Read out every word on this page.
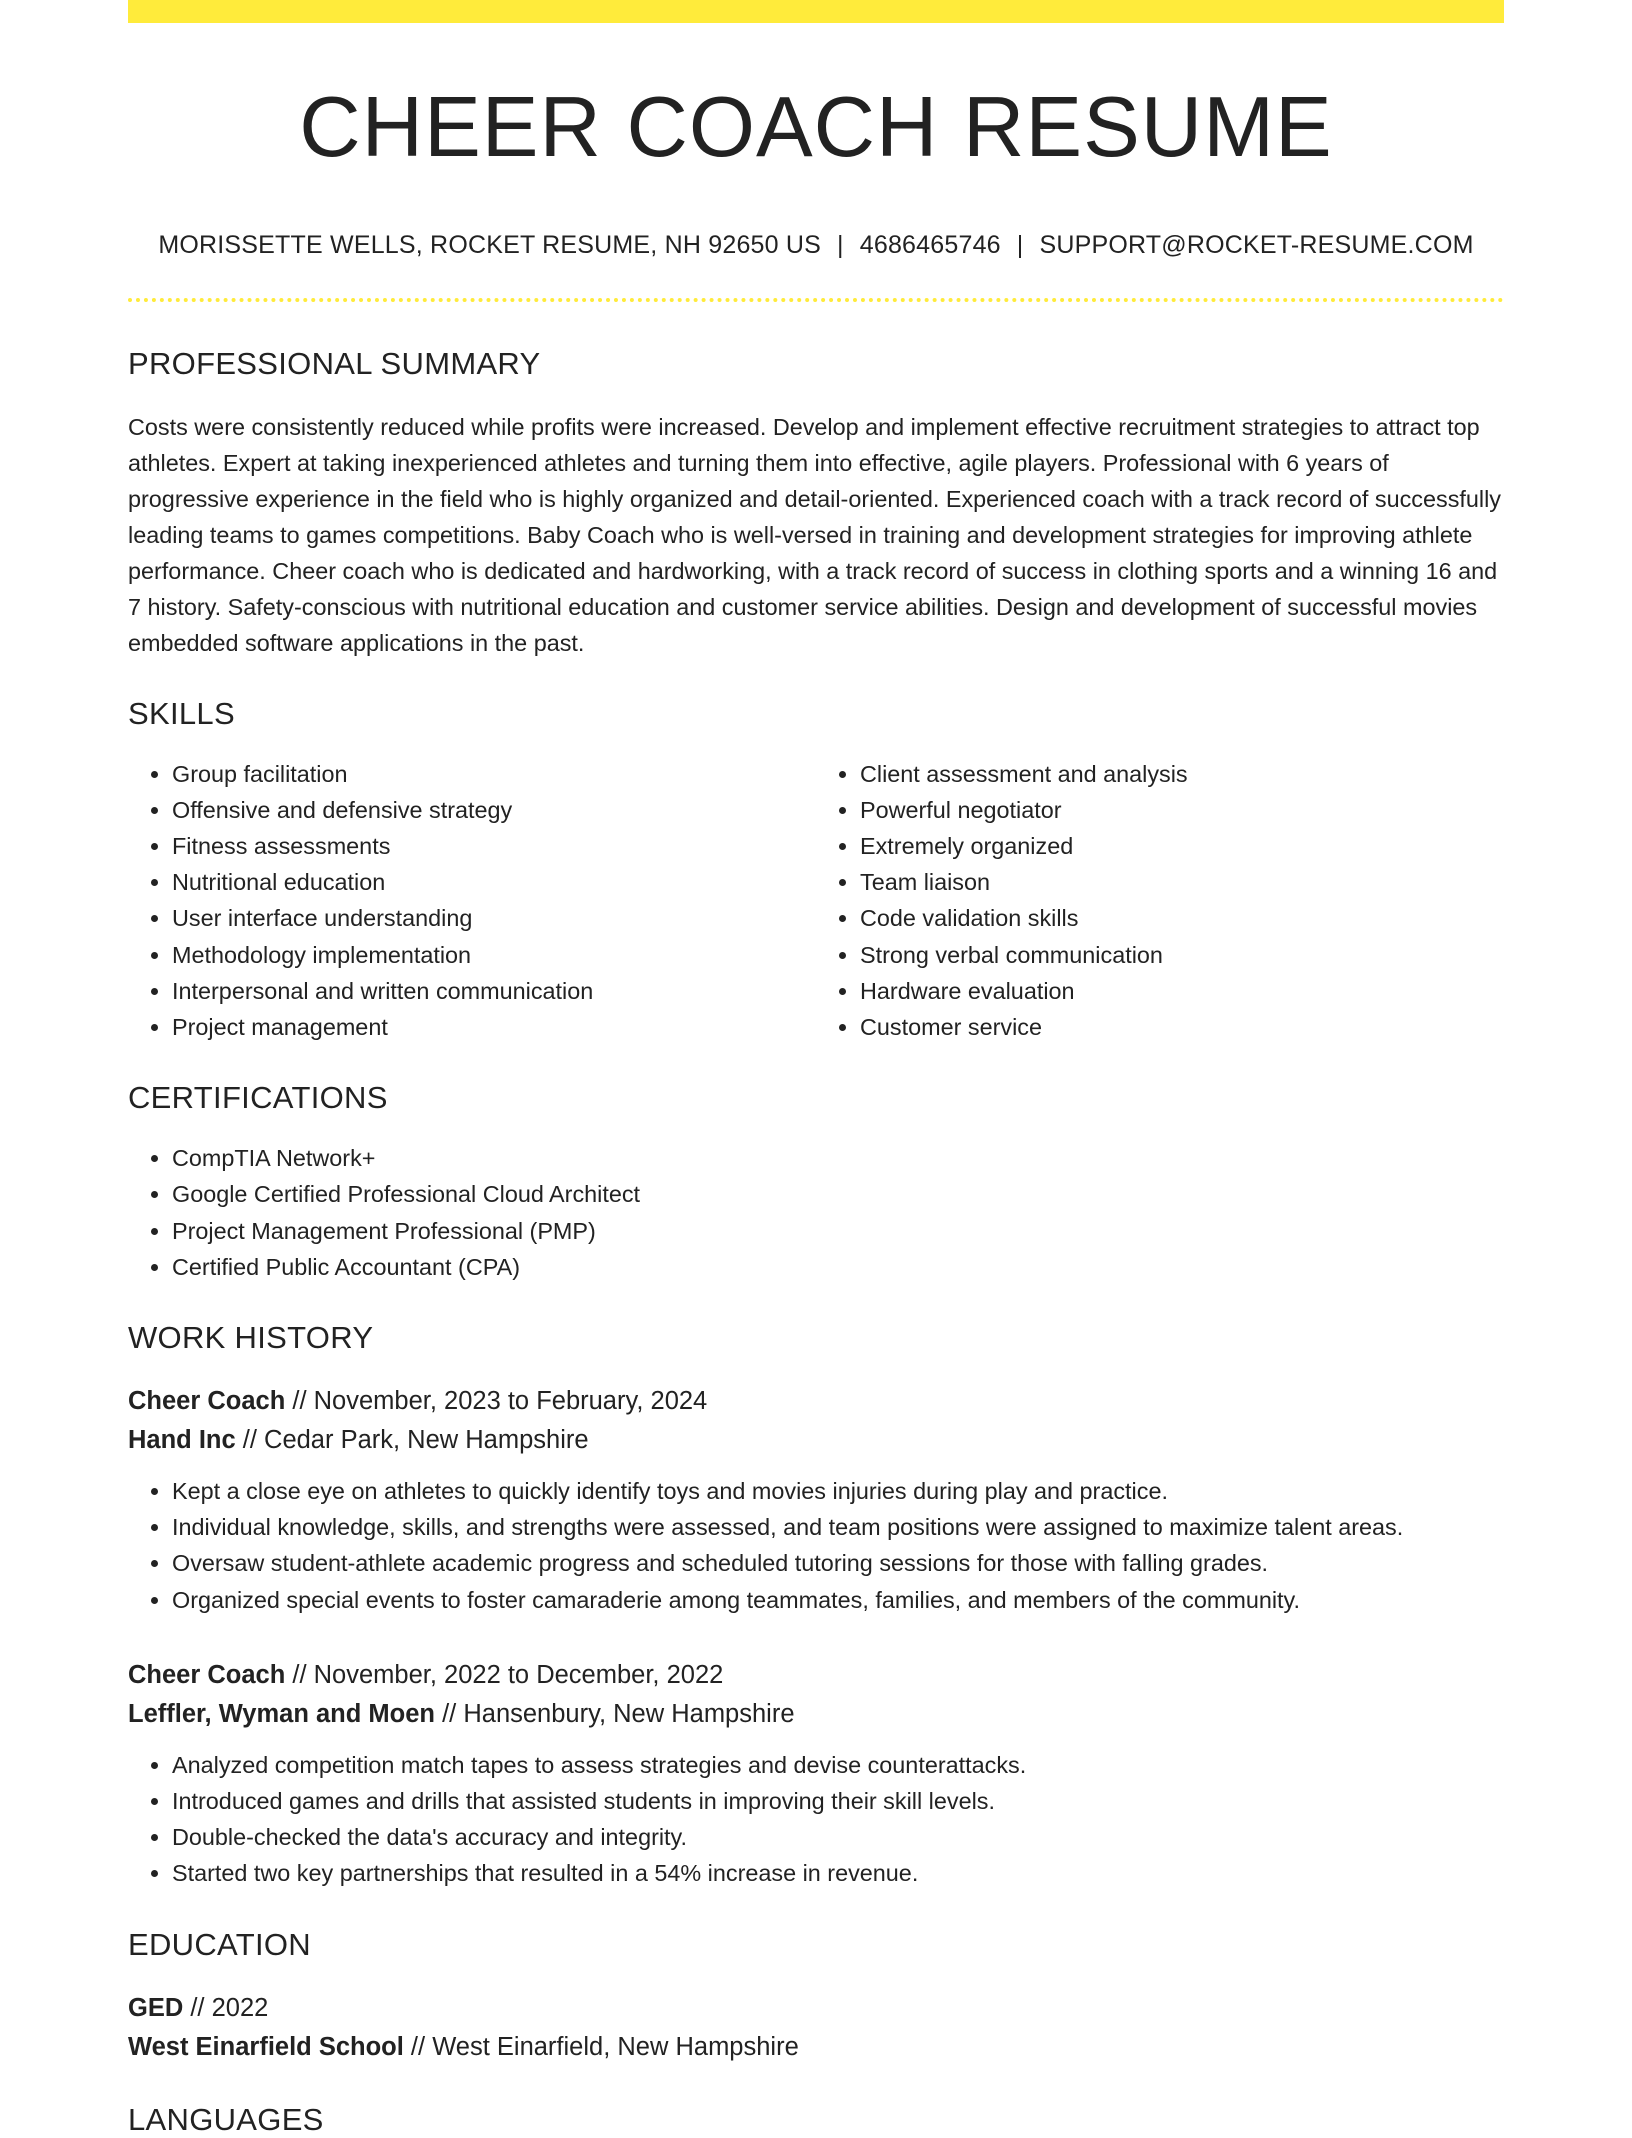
CHEER COACH RESUME
MORISSETTE WELLS, ROCKET RESUME, NH 92650 US | 4686465746 | SUPPORT@ROCKET-RESUME.COM
PROFESSIONAL SUMMARY

Costs were consistently reduced while profits were increased. Develop and implement effective recruitment strategies to attract top athletes. Expert at taking inexperienced athletes and turning them into effective, agile players. Professional with 6 years of progressive experience in the field who is highly organized and detail-oriented. Experienced coach with a track record of successfully leading teams to games competitions. Baby Coach who is well-versed in training and development strategies for improving athlete performance. Cheer coach who is dedicated and hardworking, with a track record of success in clothing sports and a winning 16 and 7 history. Safety-conscious with nutritional education and customer service abilities. Design and development of successful movies embedded software applications in the past.

SKILLS
• Group facilitation
• Offensive and defensive strategy
• Fitness assessments
• Nutritional education
• User interface understanding
• Methodology implementation
• Interpersonal and written communication
• Project management
• Client assessment and analysis
• Powerful negotiator
• Extremely organized
• Team liaison
• Code validation skills
• Strong verbal communication
• Hardware evaluation
• Customer service
CERTIFICATIONS
• CompTIA Network+
• Google Certified Professional Cloud Architect
• Project Management Professional (PMP)
• Certified Public Accountant (CPA)
WORK HISTORY
Cheer Coach // November, 2023 to February, 2024
Hand Inc // Cedar Park, New Hampshire
• Kept a close eye on athletes to quickly identify toys and movies injuries during play and practice.
• Individual knowledge, skills, and strengths were assessed, and team positions were assigned to maximize talent areas.
• Oversaw student-athlete academic progress and scheduled tutoring sessions for those with falling grades.
• Organized special events to foster camaraderie among teammates, families, and members of the community.
Cheer Coach // November, 2022 to December, 2022
Leffler, Wyman and Moen // Hansenbury, New Hampshire
• Analyzed competition match tapes to assess strategies and devise counterattacks.
• Introduced games and drills that assisted students in improving their skill levels.
• Double-checked the data's accuracy and integrity.
• Started two key partnerships that resulted in a 54% increase in revenue.
EDUCATION
GED // 2022
West Einarfield School // West Einarfield, New Hampshire
LANGUAGES
